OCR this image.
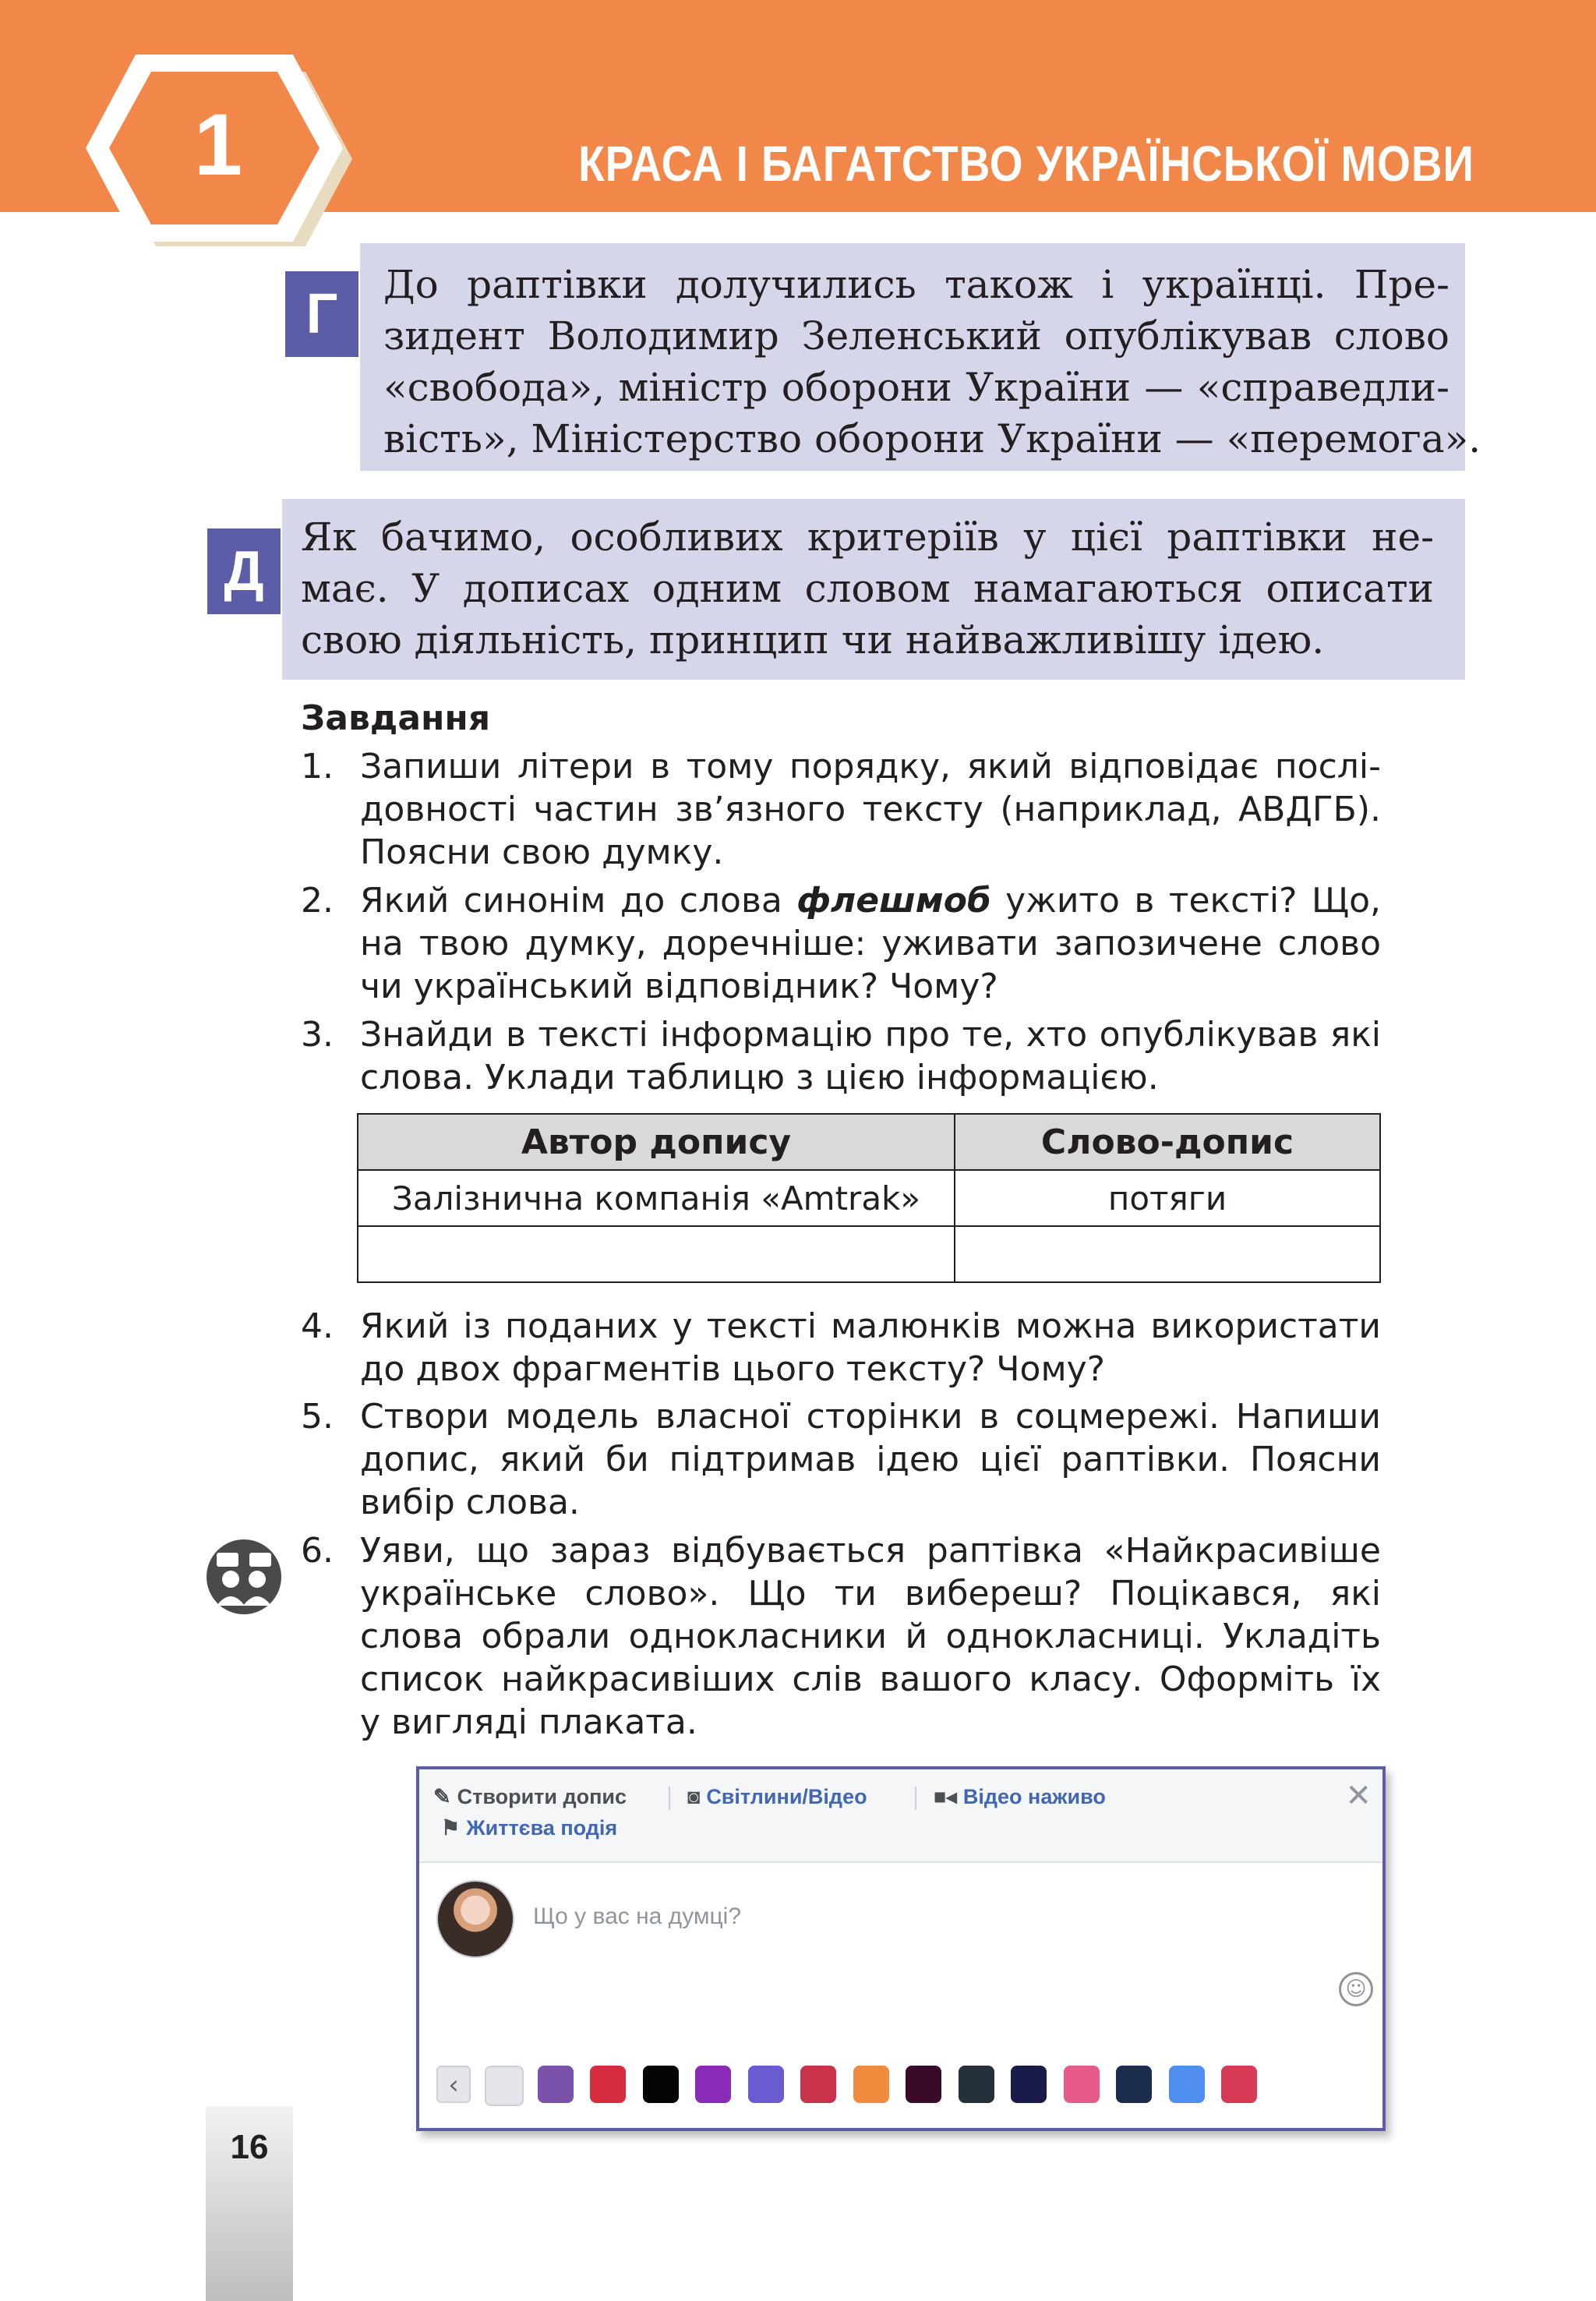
1	КРАСА І БАГАТСТВО УКРАЇНСЬКОЇ МОВИ
Г	До раптівки долучились також і українці. Пре-
зидент Володимир Зеленський опублікував слово
«свобода», міністр оборони України — «справедли-
вість», Міністерство оборони України — «перемога».
Д
Як бачимо, особливих критеріїв у цієї раптівки не-
має. У дописах одним словом намагаються описати
свою діяльність, принцип чи найважливішу ідею.
Завдання
1. Запиши літери в тому порядку, який відповідає послі-
довності частин зв’язного тексту (наприклад, АВДГБ).
Поясни свою думку.
2. Який синонім до слова флешмоб ужито в тексті? Що,
на твою думку, доречніше: уживати запозичене слово
чи український відповідник? Чому?
3. Знайди в тексті інформацію про те, хто опублікував які
слова. Уклади таблицю з цією інформацією.
Автор допису	Слово-допис
Залізнична компанія «Amtrak»	потяги

4. Який із поданих у тексті малюнків можна використати
до двох фрагментів цього тексту? Чому?
5. Створи модель власної сторінки в соцмережі. Напиши
допис, який би підтримав ідею цієї раптівки. Поясни
вибір слова.
6. Уяви, що зараз відбувається раптівка «Найкрасивіше
українське слово». Що ти вибереш? Поцікався, які
слова обрали однокласники й однокласниці. Укладіть
список найкрасивіших слів вашого класу. Оформіть їх
у вигляді плаката.
✎ Створити допис	◙ Світлини/Відео	■◂ Відео наживо
⚑ Життєва подія
✕
Що у вас на думці?
☺
‹
16
